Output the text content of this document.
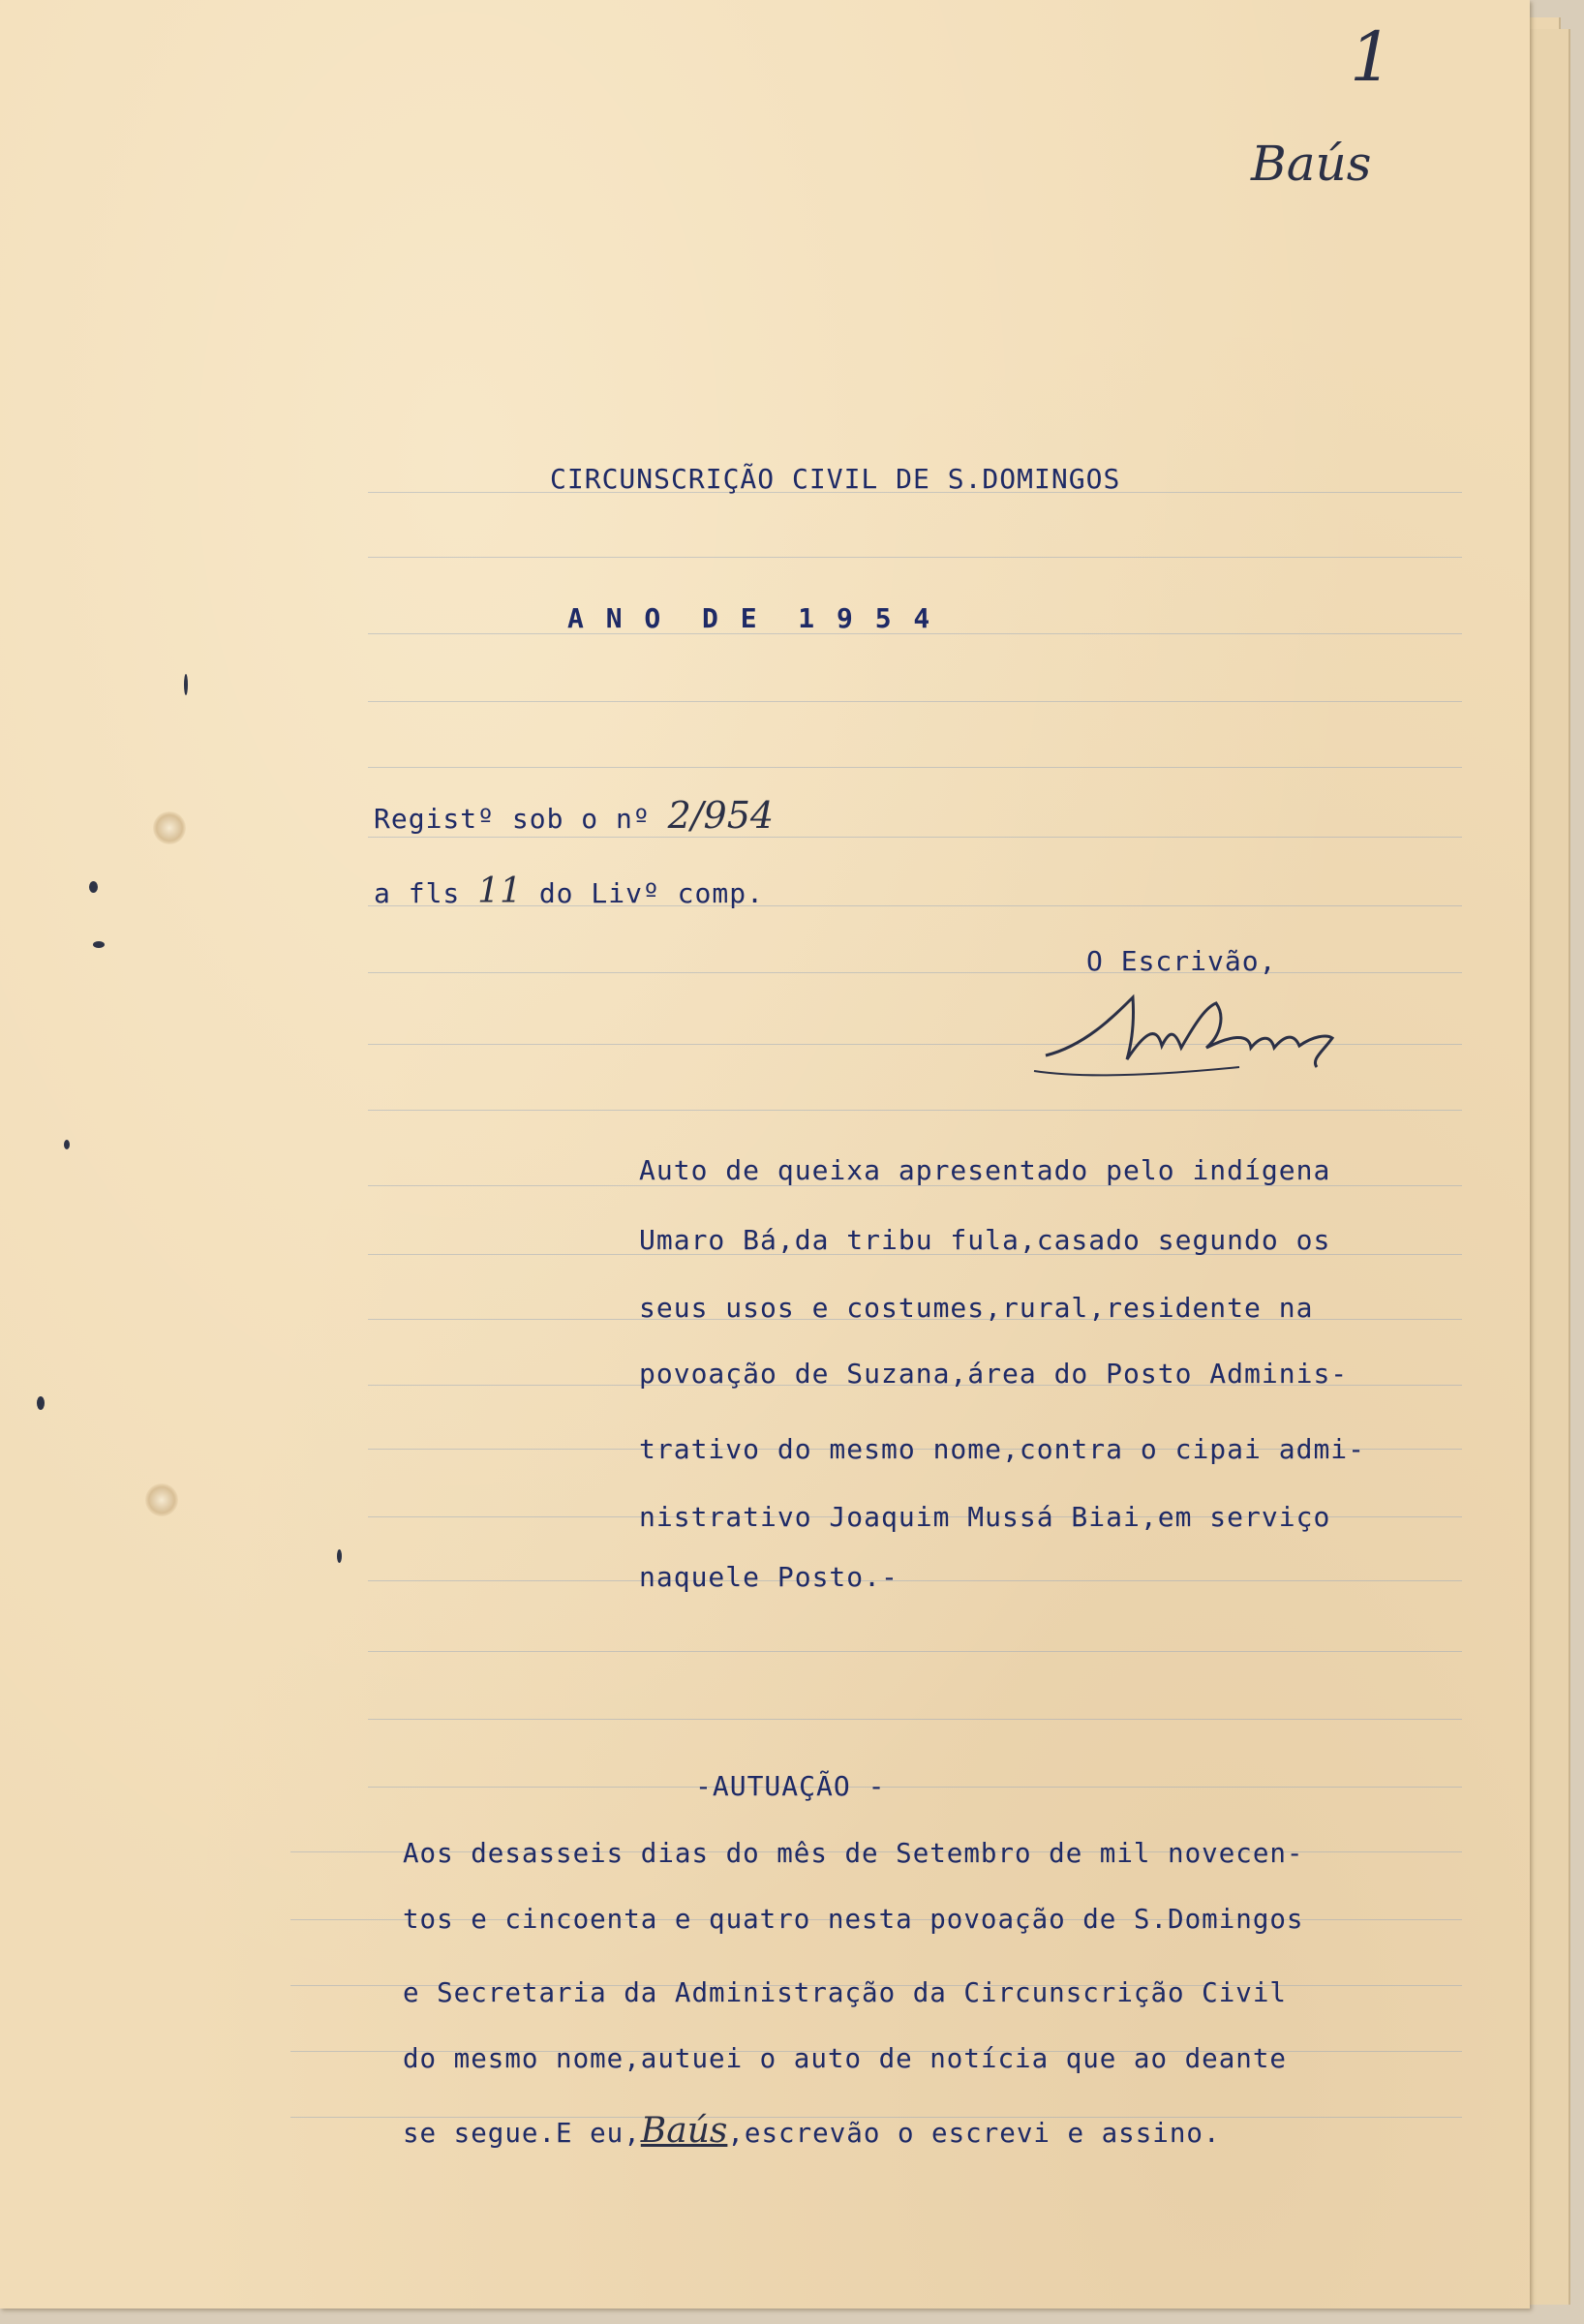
1
Baús
CIRCUNSCRIÇÃO CIVIL DE S.DOMINGOS
A N O  D E  1 9 5 4
Registº sob o nº 2/954
a fls 11 do Livº comp.
O Escrivão,
Auto de queixa apresentado pelo indígena
Umaro Bá,da tribu fula,casado segundo os
seus usos e costumes,rural,residente na
povoação de Suzana,área do Posto Adminis-
trativo do mesmo nome,contra o cipai admi-
nistrativo Joaquim Mussá Biai,em serviço
naquele Posto.-
-AUTUAÇÃO -
Aos desasseis dias do mês de Setembro de mil novecen-
tos e cincoenta e quatro nesta povoação de S.Domingos
e Secretaria da Administração da Circunscrição Civil
do mesmo nome,autuei o auto de notícia que ao deante
se segue.E eu,Baús,escrevão o escrevi e assino.
